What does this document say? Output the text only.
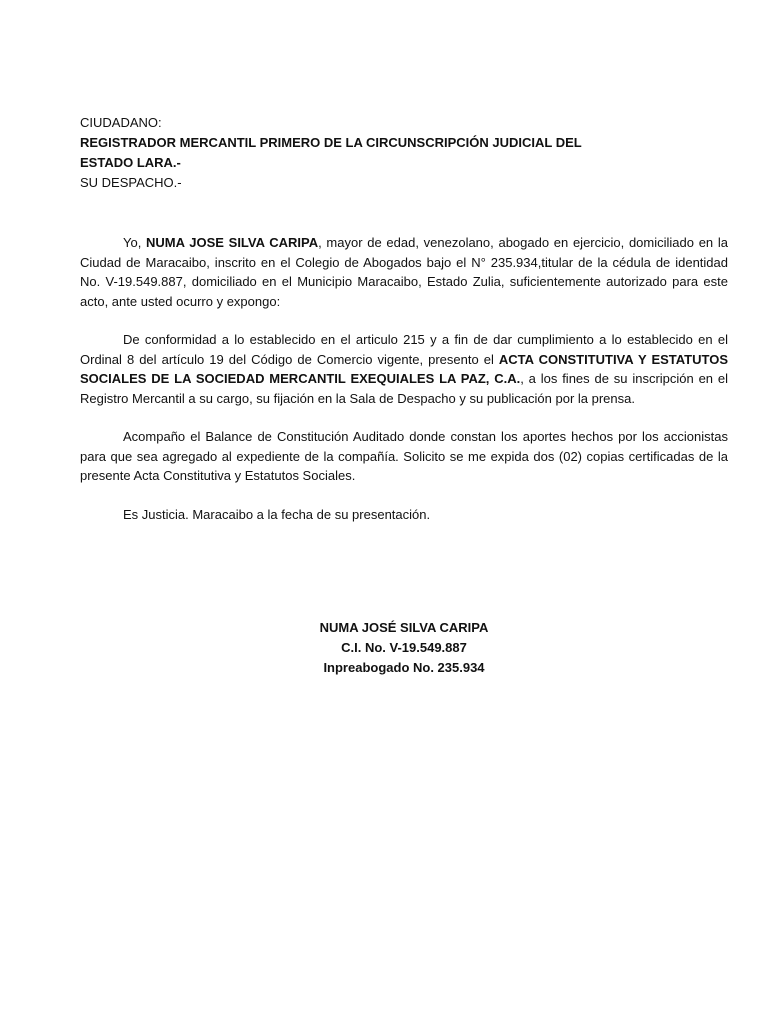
CIUDADANO:

REGISTRADOR MERCANTIL PRIMERO DE LA CIRCUNSCRIPCIÓN JUDICIAL DEL

ESTADO LARA.-

SU DESPACHO.-

Yo, NUMA JOSE SILVA CARIPA, mayor de edad, venezolano, abogado en ejercicio, domiciliado en la Ciudad de Maracaibo, inscrito en el Colegio de Abogados bajo el N° 235.934,titular de la cédula de identidad No. V-19.549.887, domiciliado en el Municipio Maracaibo, Estado Zulia, suficientemente autorizado para este acto, ante usted ocurro y expongo:

De conformidad a lo establecido en el articulo 215 y a fin de dar cumplimiento a lo establecido en el Ordinal 8 del artículo 19 del Código de Comercio vigente, presento el ACTA CONSTITUTIVA Y ESTATUTOS SOCIALES DE LA SOCIEDAD MERCANTIL EXEQUIALES LA PAZ, C.A., a los fines de su inscripción en el Registro Mercantil a su cargo, su fijación en la Sala de Despacho y su publicación por la prensa.

Acompaño el Balance de Constitución Auditado donde constan los aportes hechos por los accionistas para que sea agregado al expediente de la compañía. Solicito se me expida dos (02) copias certificadas de la presente Acta Constitutiva y Estatutos Sociales.

Es Justicia. Maracaibo a la fecha de su presentación.

NUMA JOSÉ SILVA CARIPA

C.I. No. V-19.549.887

Inpreabogado No. 235.934
